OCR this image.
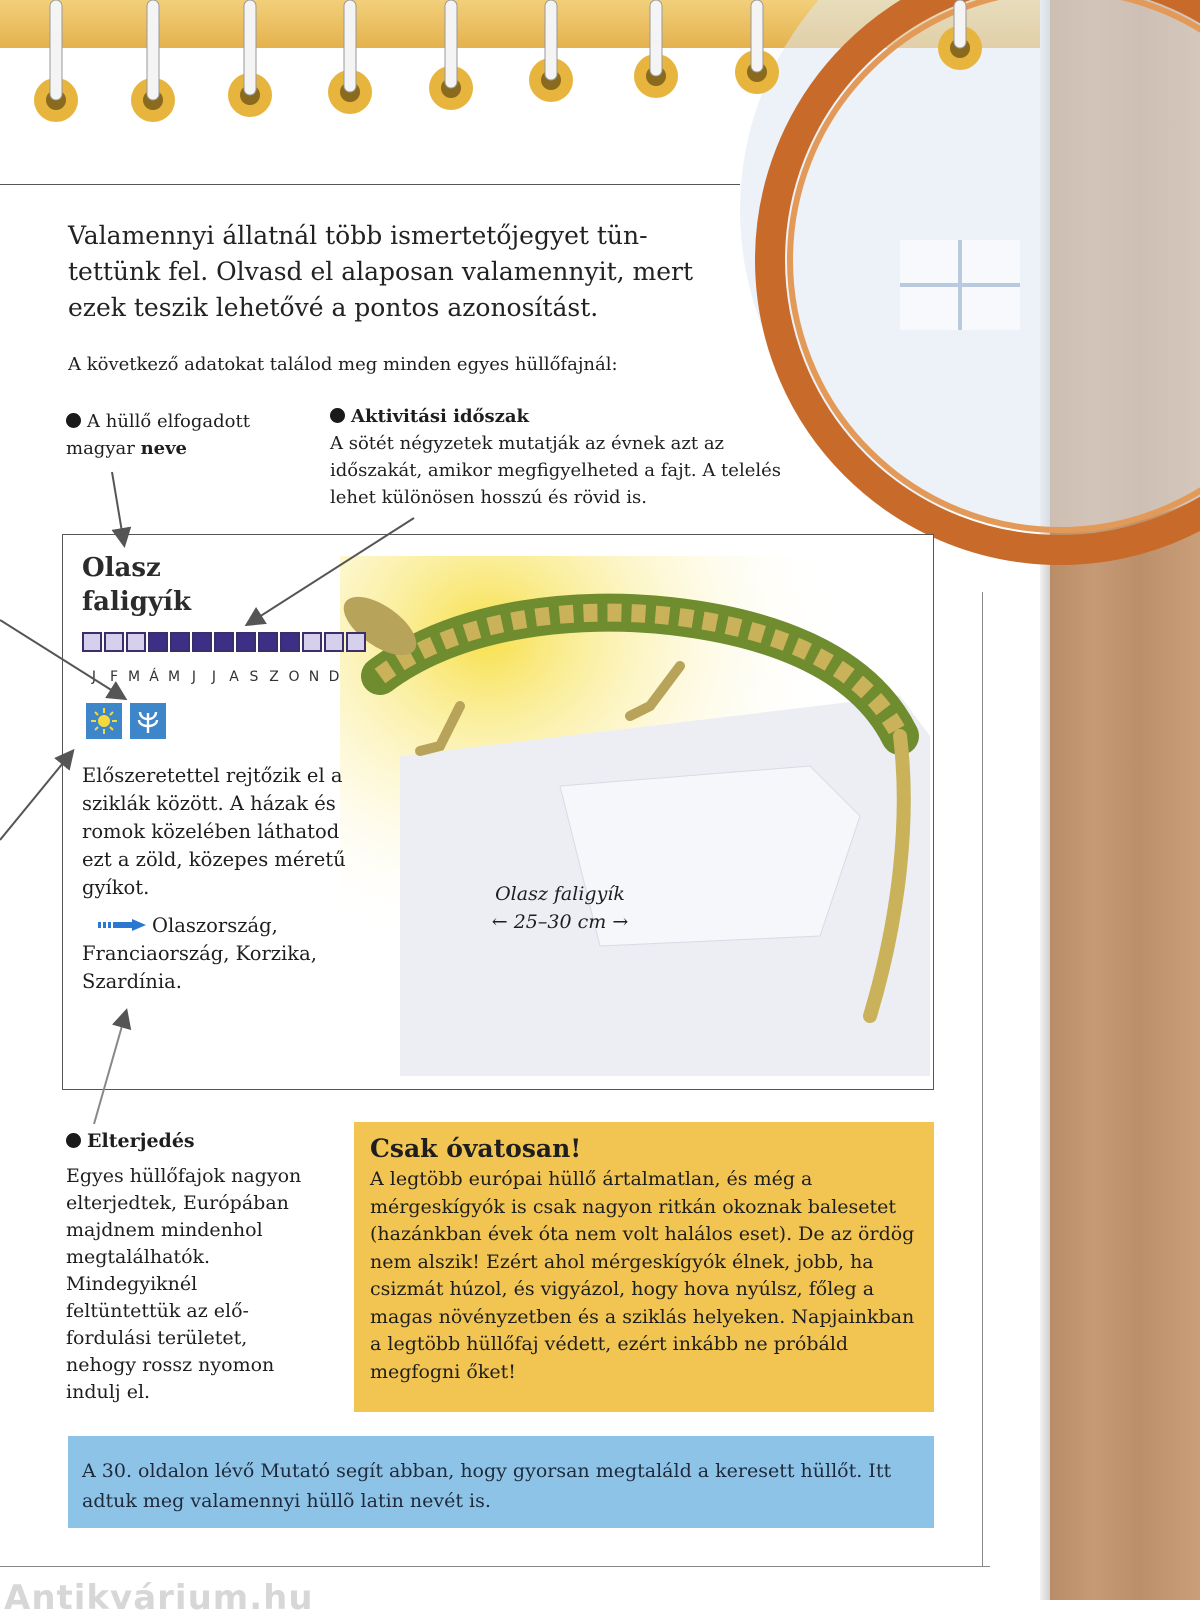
Valamennyi állatnál több ismertetőjegyet tüntettünk fel. Olvasd el alaposan valamennyit, mert ezek teszik lehetővé a pontos azonosítást.
A következő adatokat találod meg minden egyes hüllőfajnál:
A hüllő elfogadott magyar neve
Aktivitási időszak
A sötét négyzetek mutatják az évnek azt az időszakát, amikor megfigyelheted a fajt. A telelés lehet különösen hosszú és rövid is.
Olasz faligyík
J F M Á M J	J A S Z O N D
Előszeretettel rejtőzik el a sziklák között. A házak és romok közelében láthatod ezt a zöld, közepes méretű gyíkot.
Olaszország, Franciaország, Korzika, Szardínia.
Olasz faligyík
← 25–30 cm →
Elterjedés
Egyes hüllőfajok nagyon elterjedtek, Európában majdnem mindenhol megtalálhatók. Mindegyiknél feltüntettük az előfordulási területet, nehogy rossz nyomon indulj el.
Csak óvatosan!
A legtöbb európai hüllő ártalmatlan, és még a mérgeskígyók is csak nagyon ritkán okoznak balesetet (hazánkban évek óta nem volt halálos eset). De az ördög nem alszik! Ezért ahol mérgeskígyók élnek, jobb, ha csizmát húzol, és vigyázol, hogy hova nyúlsz, főleg a magas növényzetben és a sziklás helyeken. Napjainkban a legtöbb hüllőfaj védett, ezért inkább ne próbáld megfogni őket!
A 30. oldalon lévő Mutató segít abban, hogy gyorsan megtaláld a keresett hüllőt. Itt adtuk meg valamennyi hüllõ latin nevét is.
Antikvárium.hu
